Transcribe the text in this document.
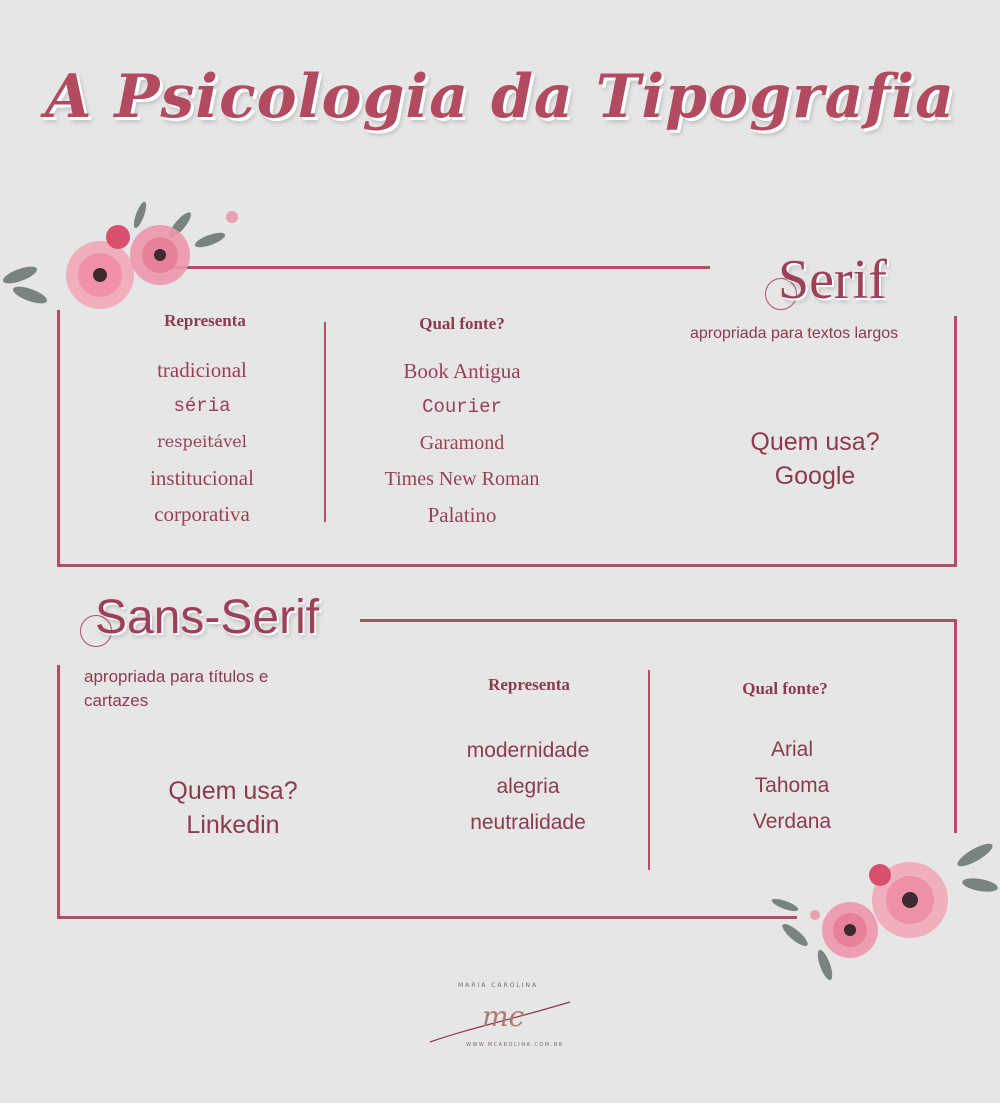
A Psicologia da Tipografia
Serif
apropriada para textos largos
Representa
tradicional
séria
respeitável
institucional
corporativa
Qual fonte?
Book Antigua
Courier
Garamond
Times New Roman
Palatino
Quem usa?
Google
Sans-Serif
apropriada para títulos e cartazes
Quem usa?
Linkedin
Representa
modernidade
alegria
neutralidade
Qual fonte?
Arial
Tahoma
Verdana
MARIA CAROLINA
mc
WWW.MCAROLINA.COM.BR
